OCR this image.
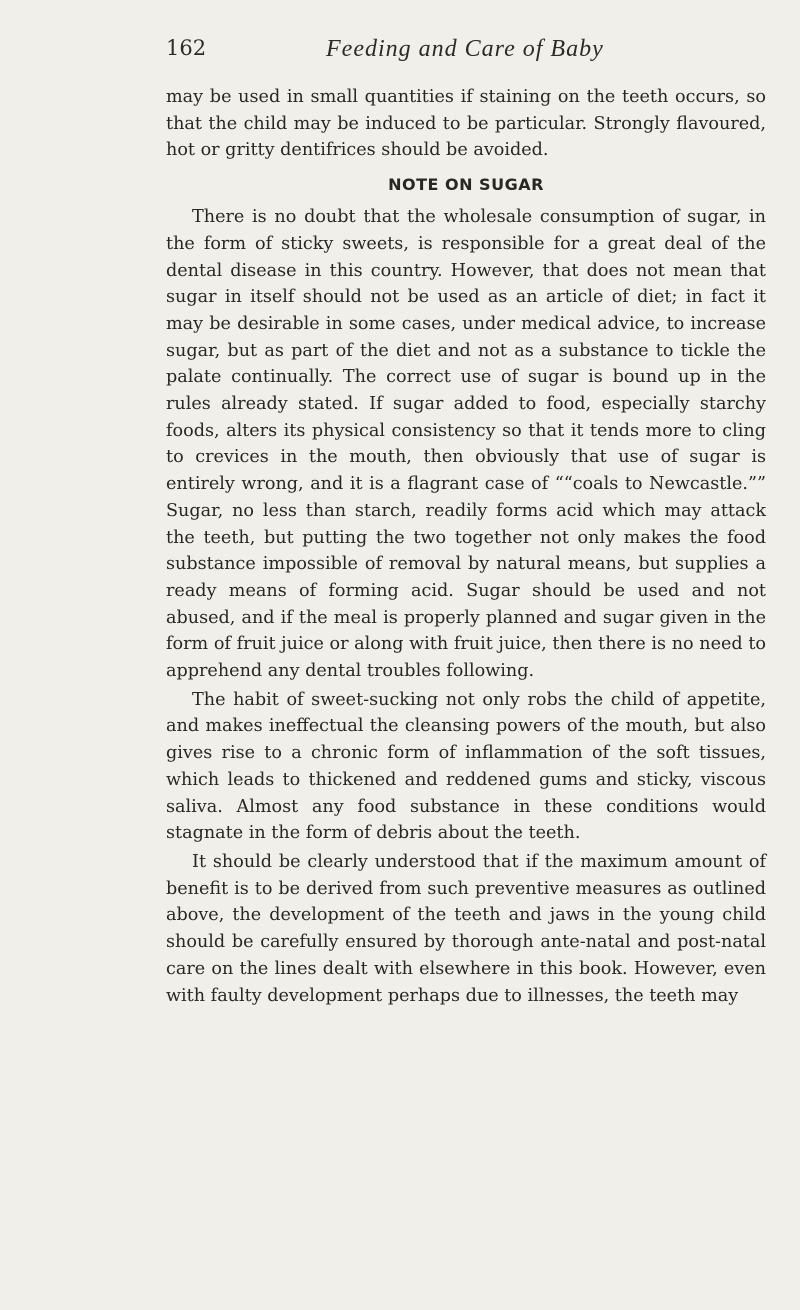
162	Feeding and Care of Baby

may be used in small quantities if staining on the teeth occurs, so that the child may be induced to be particular. Strongly flavoured, hot or gritty dentifrices should be avoided.

NOTE ON SUGAR

There is no doubt that the wholesale consumption of sugar, in the form of sticky sweets, is responsible for a great deal of the dental disease in this country. However, that does not mean that sugar in itself should not be used as an article of diet; in fact it may be desirable in some cases, under medical advice, to increase sugar, but as part of the diet and not as a substance to tickle the palate continually. The correct use of sugar is bound up in the rules already stated. If sugar added to food, especially starchy foods, alters its physical consistency so that it tends more to cling to crevices in the mouth, then obviously that use of sugar is entirely wrong, and it is a flagrant case of ““coals to Newcastle.”” Sugar, no less than starch, readily forms acid which may attack the teeth, but putting the two together not only makes the food substance impossible of removal by natural means, but supplies a ready means of forming acid. Sugar should be used and not abused, and if the meal is properly planned and sugar given in the form of fruit juice or along with fruit juice, then there is no need to apprehend any dental troubles following.

The habit of sweet-sucking not only robs the child of appetite, and makes ineffectual the cleansing powers of the mouth, but also gives rise to a chronic form of inflammation of the soft tissues, which leads to thickened and reddened gums and sticky, viscous saliva. Almost any food substance in these conditions would stagnate in the form of debris about the teeth.

It should be clearly understood that if the maximum amount of benefit is to be derived from such preventive measures as outlined above, the development of the teeth and jaws in the young child should be carefully ensured by thorough ante-natal and post-natal care on the lines dealt with elsewhere in this book. However, even with faulty development perhaps due to illnesses, the teeth may
